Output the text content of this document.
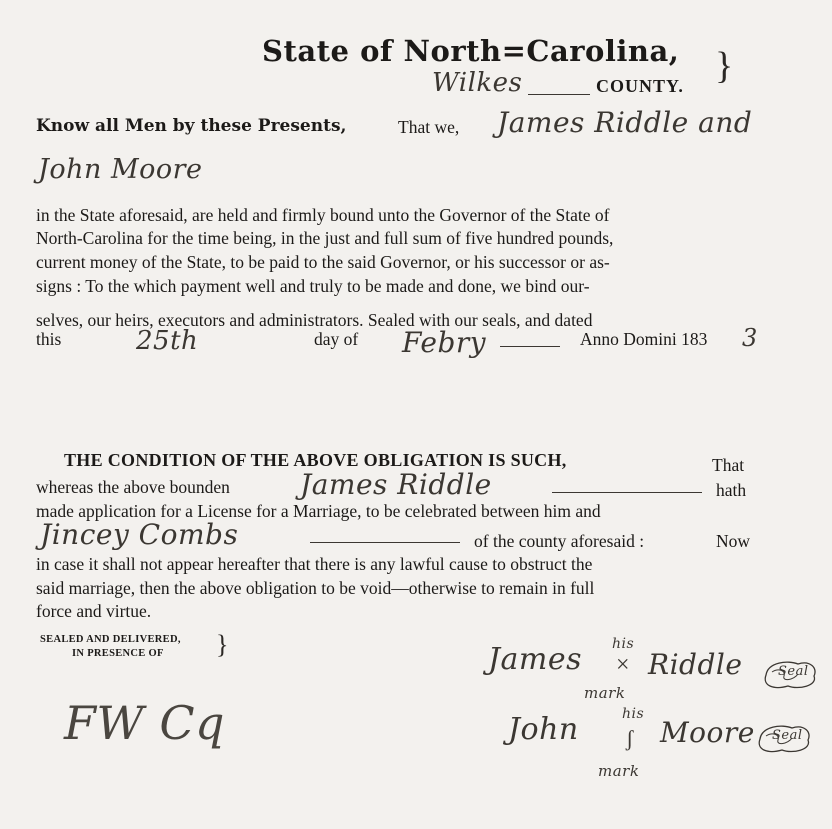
State of North=Carolina, }
Wilkes	COUNTY.
Know all Men by these Presents,	That we, James Riddle and
John Moore
in the State aforesaid, are held and firmly bound unto the Governor of the State of
North-Carolina for the time being, in the just and full sum of five hundred pounds,
current money of the State, to be paid to the said Governor, or his successor or as-
signs : To the which payment well and truly to be made and done, we bind our-
selves, our heirs, executors and administrators. Sealed with our seals, and dated
this	25th	day of Febry	Anno Domini 183 3
THE CONDITION OF THE ABOVE OBLIGATION IS SUCH,	That
whereas the above bounden	James Riddle	hath
made application for a License for a Marriage, to be celebrated between him and
Jincey Combs	of the county aforesaid :	Now
in case it shall not appear hereafter that there is any lawful cause to obstruct the
said marriage, then the above obligation to be void—otherwise to remain in full
force and virtue.
SEALED AND DELIVERED,
IN PRESENCE OF }
FW Cq
James his
× Riddle
mark
Seal
John	his
ʃ Moore
mark
Seal
